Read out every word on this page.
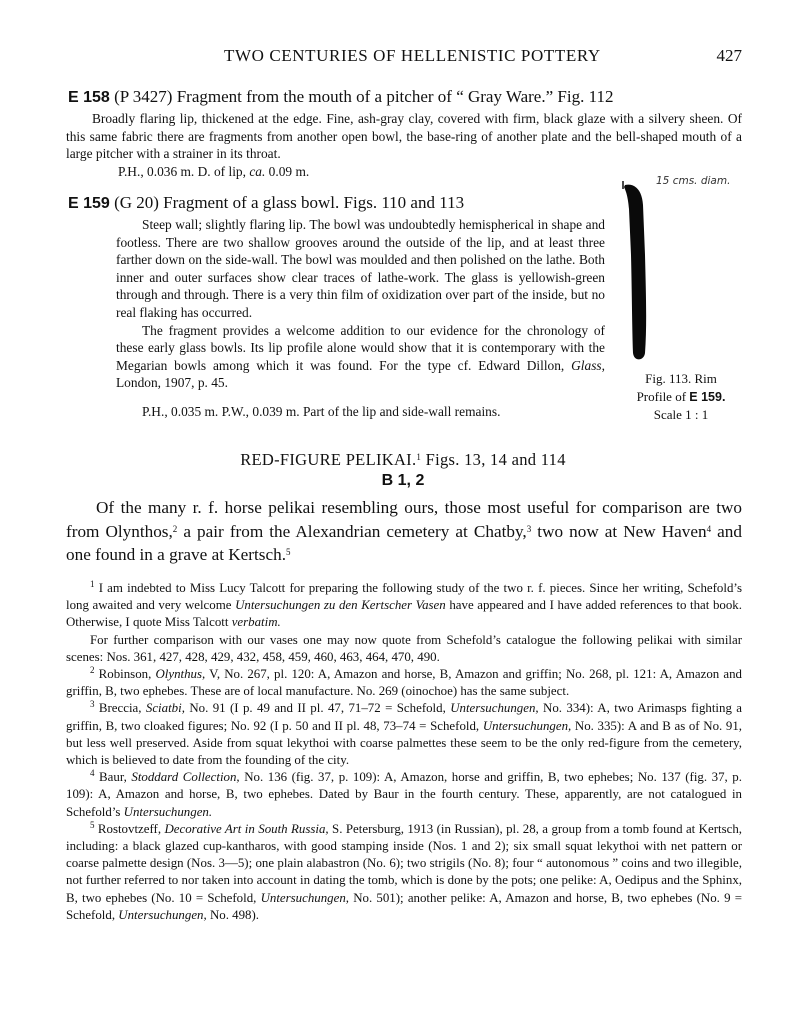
TWO CENTURIES OF HELLENISTIC POTTERY	427
E 158 (P 3427) Fragment from the mouth of a pitcher of “ Gray Ware.” Fig. 112

Broadly flaring lip, thickened at the edge. Fine, ash-gray clay, covered with firm, black glaze with a silvery sheen. Of this same fabric there are fragments from another open bowl, the base-ring of another plate and the bell-shaped mouth of a large pitcher with a strainer in its throat.

P.H., 0.036 m. D. of lip, ca. 0.09 m.
E 159 (G 20) Fragment of a glass bowl. Figs. 110 and 113

Steep wall; slightly flaring lip. The bowl was undoubtedly hemispherical in shape and footless. There are two shallow grooves around the outside of the lip, and at least three farther down on the side-wall. The bowl was moulded and then polished on the lathe. Both inner and outer surfaces show clear traces of lathe-work. The glass is yellowish-green through and through. There is a very thin film of oxidization over part of the inside, but no real flaking has occurred.

The fragment provides a welcome addition to our evidence for the chronology of these early glass bowls. Its lip profile alone would show that it is contemporary with the Megarian bowls among which it was found. For the type cf. Edward Dillon, Glass, London, 1907, p. 45.

P.H., 0.035 m. P.W., 0.039 m. Part of the lip and side-wall remains.
15 cms. diam.
Fig. 113. Rim
Profile of E 159.
Scale 1 : 1
RED-FIGURE PELIKAI.$^1$ Figs. 13, 14 and 114
B 1, 2

Of the many r. f. horse pelikai resembling ours, those most useful for comparison are two from Olynthos,$^2$ a pair from the Alexandrian cemetery at Chatby,$^3$ two now at New Haven$^4$ and one found in a grave at Kertsch.$^5$

$^1$ I am indebted to Miss Lucy Talcott for preparing the following study of the two r. f. pieces. Since her writing, Schefold’s long awaited and very welcome Untersuchungen zu den Kertscher Vasen have appeared and I have added references to that book. Otherwise, I quote Miss Talcott verbatim.

For further comparison with our vases one may now quote from Schefold’s catalogue the following pelikai with similar scenes: Nos. 361, 427, 428, 429, 432, 458, 459, 460, 463, 464, 470, 490.

$^2$ Robinson, Olynthus, V, No. 267, pl. 120: A, Amazon and horse, B, Amazon and griffin; No. 268, pl. 121: A, Amazon and griffin, B, two ephebes. These are of local manufacture. No. 269 (oinochoe) has the same subject.

$^3$ Breccia, Sciatbi, No. 91 (I p. 49 and II pl. 47, 71–72 = Schefold, Untersuchungen, No. 334): A, two Arimasps fighting a griffin, B, two cloaked figures; No. 92 (I p. 50 and II pl. 48, 73–74 = Schefold, Untersuchungen, No. 335): A and B as of No. 91, but less well preserved. Aside from squat lekythoi with coarse palmettes these seem to be the only red-figure from the cemetery, which is believed to date from the founding of the city.

$^4$ Baur, Stoddard Collection, No. 136 (fig. 37, p. 109): A, Amazon, horse and griffin, B, two ephebes; No. 137 (fig. 37, p. 109): A, Amazon and horse, B, two ephebes. Dated by Baur in the fourth century. These, apparently, are not catalogued in Schefold’s Untersuchungen.

$^5$ Rostovtzeff, Decorative Art in South Russia, S. Petersburg, 1913 (in Russian), pl. 28, a group from a tomb found at Kertsch, including: a black glazed cup-kantharos, with good stamping inside (Nos. 1 and 2); six small squat lekythoi with net pattern or coarse palmette design (Nos. 3—5); one plain alabastron (No. 6); two strigils (No. 8); four “ autonomous ” coins and two illegible, not further referred to nor taken into account in dating the tomb, which is done by the pots; one pelike: A, Oedipus and the Sphinx, B, two ephebes (No. 10 = Schefold, Untersuchungen, No. 501); another pelike: A, Amazon and horse, B, two ephebes (No. 9 = Schefold, Untersuchungen, No. 498).
